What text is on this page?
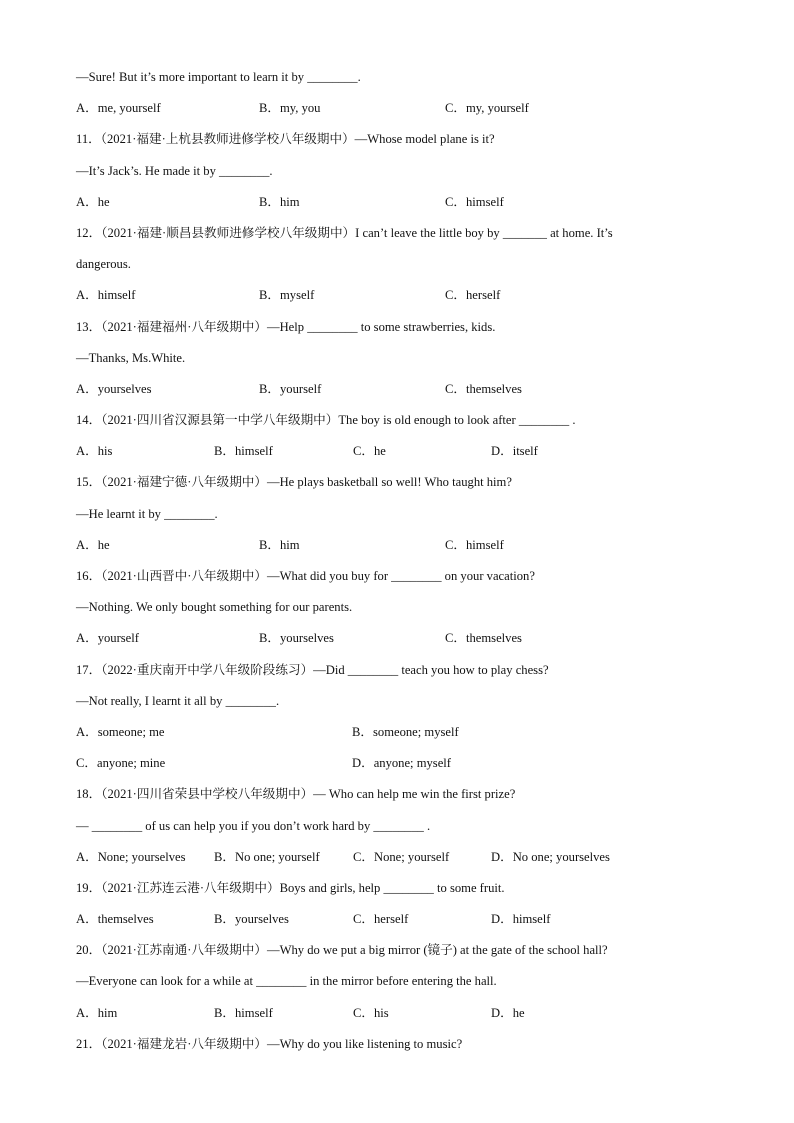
—Sure! But it’s more important to learn it by ________.
A．me, yourself	B．my, you	C．my, yourself
11．（2021·福建·上杭县教师进修学校八年级期中）—Whose model plane is it?
—It’s Jack’s. He made it by ________.
A．he	B．him	C．himself
12．（2021·福建·顺昌县教师进修学校八年级期中）I can’t leave the little boy by _______ at home. It’s
dangerous.
A．himself	B．myself	C．herself
13．（2021·福建福州·八年级期中）—Help ________ to some strawberries, kids.
—Thanks, Ms.White.
A．yourselves	B．yourself	C．themselves
14．（2021·四川省汉源县第一中学八年级期中）The boy is old enough to look after ________ .
A．his	B．himself	C．he	D．itself
15．（2021·福建宁德·八年级期中）—He plays basketball so well! Who taught him?
—He learnt it by ________.
A．he	B．him	C．himself
16．（2021·山西晋中·八年级期中）—What did you buy for ________ on your vacation?
—Nothing. We only bought something for our parents.
A．yourself	B．yourselves	C．themselves
17．（2022·重庆南开中学八年级阶段练习）—Did ________ teach you how to play chess?
—Not really, I learnt it all by ________.
A．someone; me	B．someone; myself
C．anyone; mine	D．anyone; myself
18．（2021·四川省荣县中学校八年级期中）— Who can help me win the first prize?
— ________ of us can help you if you don’t work hard by ________ .
A．None; yourselves	B．No one; yourself	C．None; yourself	D．No one; yourselves
19．（2021·江苏连云港·八年级期中）Boys and girls, help ________ to some fruit.
A．themselves	B．yourselves	C．herself	D．himself
20．（2021·江苏南通·八年级期中）—Why do we put a big mirror (镜子) at the gate of the school hall?
—Everyone can look for a while at ________ in the mirror before entering the hall.
A．him	B．himself	C．his	D．he
21．（2021·福建龙岩·八年级期中）—Why do you like listening to music?
